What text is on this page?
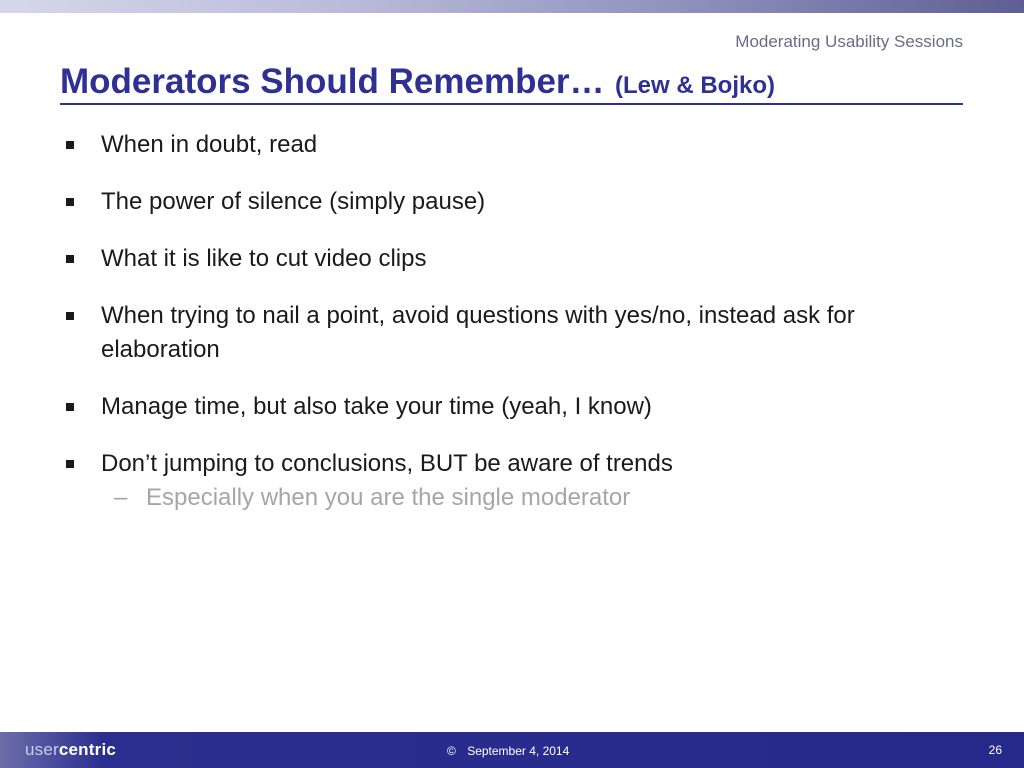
Moderating Usability Sessions
Moderators Should Remember… (Lew & Bojko)
When in doubt, read
The power of silence (simply pause)
What it is like to cut video clips
When trying to nail a point, avoid questions with yes/no, instead ask for elaboration
Manage time, but also take your time (yeah, I know)
Don’t jumping to conclusions, BUT be aware of trends
– Especially when you are the single moderator
usercentric	© September 4, 2014	26
